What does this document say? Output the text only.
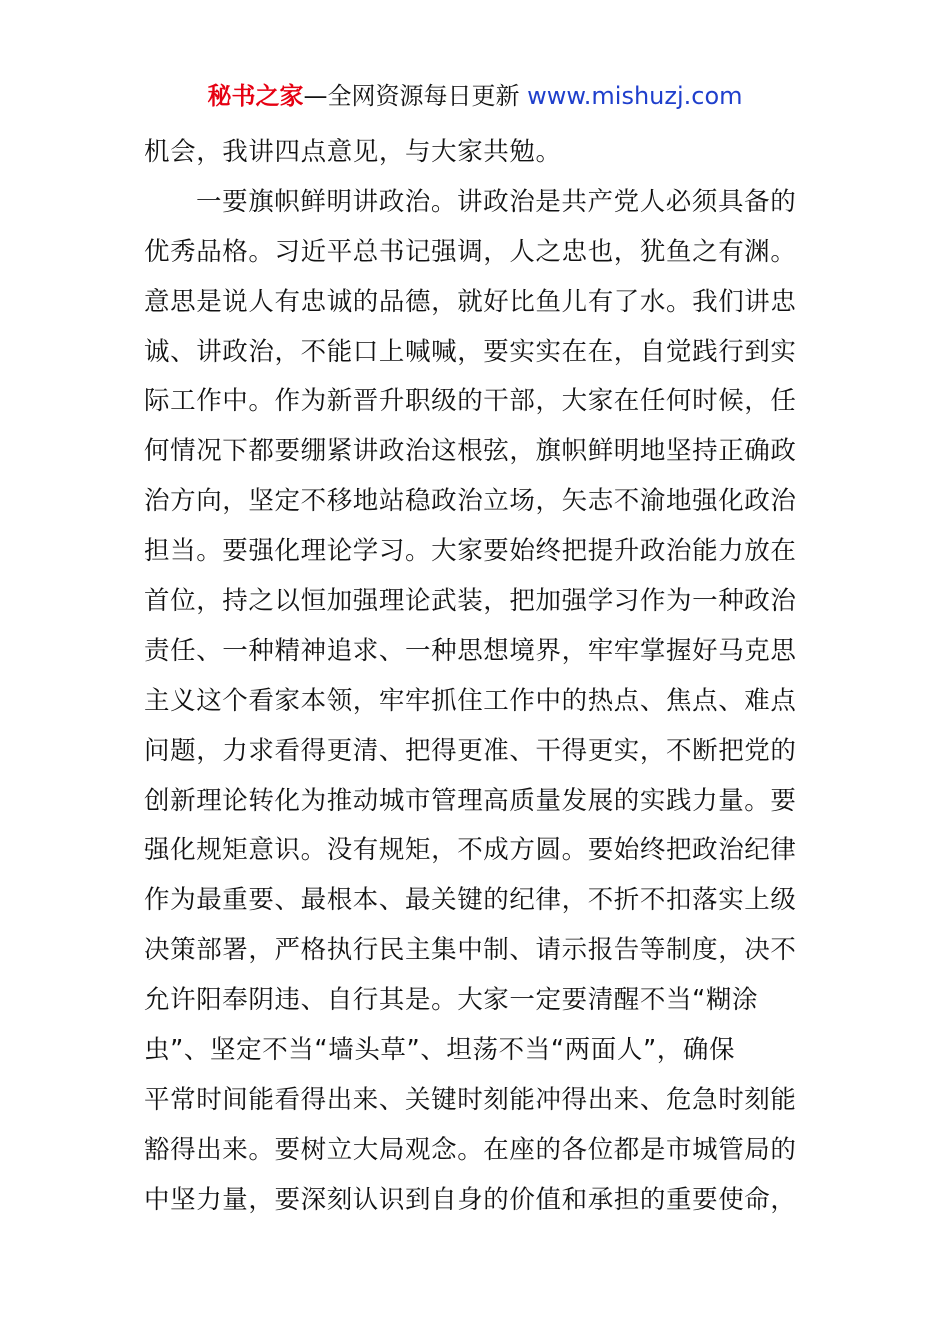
秘书之家—全网资源每日更新 www.mishuzj.com
机会，我讲四点意见，与大家共勉。
一要旗帜鲜明讲政治。讲政治是共产党人必须具备的
优秀品格。习近平总书记强调，人之忠也，犹鱼之有渊。
意思是说人有忠诚的品德，就好比鱼儿有了水。我们讲忠
诚、讲政治，不能口上喊喊，要实实在在，自觉践行到实
际工作中。作为新晋升职级的干部，大家在任何时候，任
何情况下都要绷紧讲政治这根弦，旗帜鲜明地坚持正确政
治方向，坚定不移地站稳政治立场，矢志不渝地强化政治
担当。要强化理论学习。大家要始终把提升政治能力放在
首位，持之以恒加强理论武装，把加强学习作为一种政治
责任、一种精神追求、一种思想境界，牢牢掌握好马克思
主义这个看家本领，牢牢抓住工作中的热点、焦点、难点
问题，力求看得更清、把得更准、干得更实，不断把党的
创新理论转化为推动城市管理高质量发展的实践力量。要
强化规矩意识。没有规矩，不成方圆。要始终把政治纪律
作为最重要、最根本、最关键的纪律，不折不扣落实上级
决策部署，严格执行民主集中制、请示报告等制度，决不
允许阳奉阴违、自行其是。大家一定要清醒不当“糊涂
虫”、坚定不当“墙头草”、坦荡不当“两面人”，确保
平常时间能看得出来、关键时刻能冲得出来、危急时刻能
豁得出来。要树立大局观念。在座的各位都是市城管局的
中坚力量，要深刻认识到自身的价值和承担的重要使命，
